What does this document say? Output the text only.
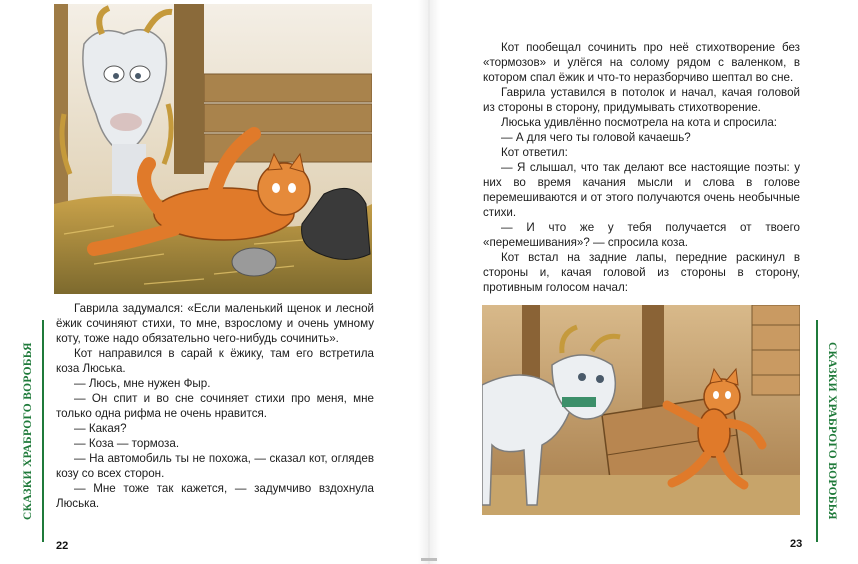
Гаврила задумался: «Если маленький щенок и лесной ёжик сочиняют стихи, то мне, взрослому и очень умному коту, тоже надо обязательно чего-нибудь сочинить».

Кот направился в сарай к ёжику, там его встретила коза Люська.

— Люсь, мне нужен Фыр.

— Он спит и во сне сочиняет стихи про меня, мне только одна рифма не очень нравится.

— Какая?

— Коза — тормоза.

— На автомобиль ты не похожа, — сказал кот, оглядев козу со всех сторон.

— Мне тоже так кажется, — задумчиво вздохнула Люська.

СКАЗКИ ХРАБРОГО ВОРОБЬЯ
22

Кот пообещал сочинить про неё стихотворение без «тормозов» и улёгся на солому рядом с валенком, в котором спал ёжик и что-то неразборчиво шептал во сне.

Гаврила уставился в потолок и начал, качая головой из стороны в сторону, придумывать стихотворение.

Люська удивлённо посмотрела на кота и спросила:

— А для чего ты головой качаешь?

Кот ответил:

— Я слышал, что так делают все настоящие поэты: у них во время качания мысли и слова в голове перемешиваются и от этого получаются очень необычные стихи.

— И что же у тебя получается от твоего «перемешивания»? — спросила коза.

Кот встал на задние лапы, передние раскинул в стороны и, качая головой из стороны в сторону, противным голосом начал:

СКАЗКИ ХРАБРОГО ВОРОБЬЯ
23
